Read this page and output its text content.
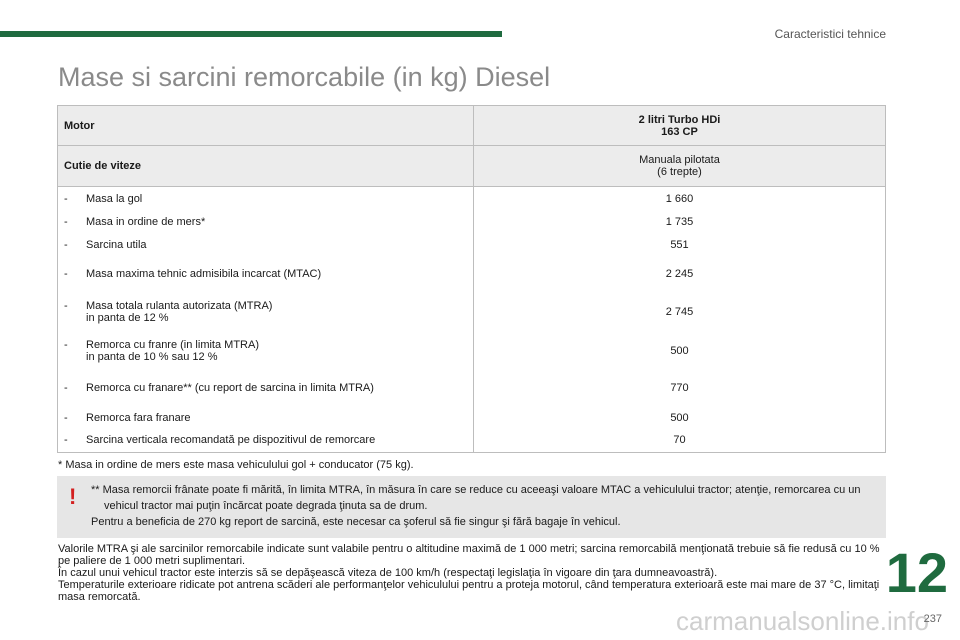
Caracteristici tehnice
Mase si sarcini remorcabile (in kg) Diesel
Motor	2 litri Turbo HDi
163 CP

Cutie de viteze	Manuala pilotata
(6 trepte)

- Masa la gol	1 660
- Masa in ordine de mers*	1 735
- Sarcina utila	551
- Masa maxima tehnic admisibila incarcat (MTAC)	2 245
- Masa totala rulanta autorizata (MTRA)
in panta de 12 %	2 745
- Remorca cu franre (in limita MTRA)
in panta de 10 % sau 12 %	500
- Remorca cu franare** (cu report de sarcina in limita MTRA)	770
- Remorca fara franare	500
- Sarcina verticala recomandată pe dispozitivul de remorcare	70
* Masa in ordine de mers este masa vehiculului gol + conducator (75 kg).
! ** Masa remorcii frânate poate fi mărită, în limita MTRA, în măsura în care se reduce cu aceeaşi valoare MTAC a vehiculului tractor; atenţie, remorcarea cu un vehicul tractor mai puţin încărcat poate degrada ţinuta sa de drum.
Pentru a beneficia de 270 kg report de sarcină, este necesar ca şoferul să fie singur şi fără bagaje în vehicul.
Valorile MTRA şi ale sarcinilor remorcabile indicate sunt valabile pentru o altitudine maximă de 1 000 metri; sarcina remorcabilă menţionată trebuie să fie redusă cu 10 % pe paliere de 1 000 metri suplimentari.
În cazul unui vehicul tractor este interzis să se depăşească viteza de 100 km/h (respectaţi legislaţia în vigoare din ţara dumneavoastră).
Temperaturile exterioare ridicate pot antrena scăderi ale performanţelor vehiculului pentru a proteja motorul, când temperatura exterioară este mai mare de 37 °C, limitaţi masa remorcată.	12
carmanualsonline.info
237
